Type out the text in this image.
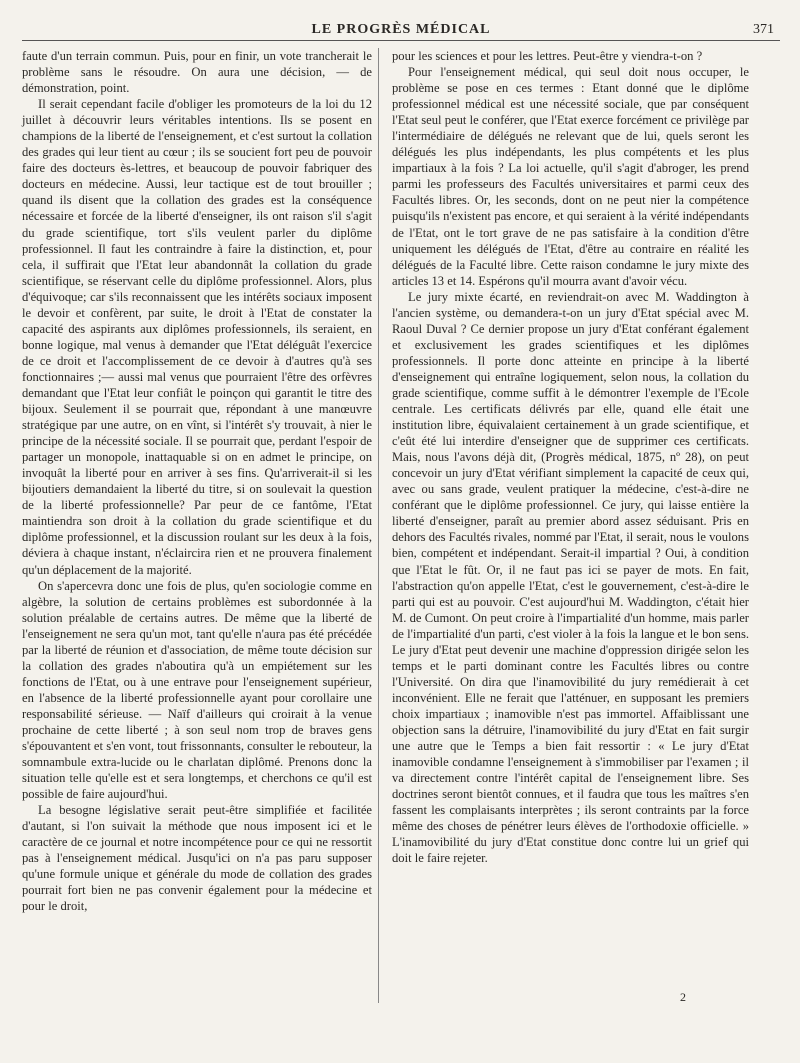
LE PROGRÈS MÉDICAL	371

faute d'un terrain commun. Puis, pour en finir, un vote trancherait le problème sans le résoudre. On aura une décision, — de démonstration, point.

Il serait cependant facile d'obliger les promoteurs de la loi du 12 juillet à découvrir leurs véritables intentions. Ils se posent en champions de la liberté de l'enseignement, et c'est surtout la collation des grades qui leur tient au cœur ; ils se soucient fort peu de pouvoir faire des docteurs ès-lettres, et beaucoup de pouvoir fabriquer des docteurs en médecine. Aussi, leur tactique est de tout brouiller ; quand ils disent que la collation des grades est la conséquence nécessaire et forcée de la liberté d'enseigner, ils ont raison s'il s'agit du grade scientifique, tort s'ils veulent parler du diplôme professionnel. Il faut les contraindre à faire la distinction, et, pour cela, il suffirait que l'Etat leur abandonnât la collation du grade scientifique, se réservant celle du diplôme professionnel. Alors, plus d'équivoque; car s'ils reconnaissent que les intérêts sociaux imposent le devoir et confèrent, par suite, le droit à l'Etat de constater la capacité des aspirants aux diplômes professionnels, ils seraient, en bonne logique, mal venus à demander que l'Etat déléguât l'exercice de ce droit et l'accomplissement de ce devoir à d'autres qu'à ses fonctionnaires ;— aussi mal venus que pourraient l'être des orfèvres demandant que l'Etat leur confiât le poinçon qui garantit le titre des bijoux. Seulement il se pourrait que, répondant à une manœuvre stratégique par une autre, on en vînt, si l'intérêt s'y trouvait, à nier le principe de la nécessité sociale. Il se pourrait que, perdant l'espoir de partager un monopole, inattaquable si on en admet le principe, on invoquât la liberté pour en arriver à ses fins. Qu'arriverait-il si les bijoutiers demandaient la liberté du titre, si on soulevait la question de la liberté professionnelle? Par peur de ce fantôme, l'Etat maintiendra son droit à la collation du grade scientifique et du diplôme professionnel, et la discussion roulant sur les deux à la fois, déviera à chaque instant, n'éclaircira rien et ne prouvera finalement qu'un déplacement de la majorité.

On s'apercevra donc une fois de plus, qu'en sociologie comme en algèbre, la solution de certains problèmes est subordonnée à la solution préalable de certains autres. De même que la liberté de l'enseignement ne sera qu'un mot, tant qu'elle n'aura pas été précédée par la liberté de réunion et d'association, de même toute décision sur la collation des grades n'aboutira qu'à un empiétement sur les fonctions de l'Etat, ou à une entrave pour l'enseignement supérieur, en l'absence de la liberté professionnelle ayant pour corollaire une responsabilité sérieuse. — Naïf d'ailleurs qui croirait à la venue prochaine de cette liberté ; à son seul nom trop de braves gens s'épouvantent et s'en vont, tout frissonnants, consulter le rebouteur, la somnambule extra-lucide ou le charlatan diplômé. Prenons donc la situation telle qu'elle est et sera longtemps, et cherchons ce qu'il est possible de faire aujourd'hui.

La besogne législative serait peut-être simplifiée et facilitée d'autant, si l'on suivait la méthode que nous imposent ici et le caractère de ce journal et notre incompétence pour ce qui ne ressortit pas à l'enseignement médical. Jusqu'ici on n'a pas paru supposer qu'une formule unique et générale du mode de collation des grades pourrait fort bien ne pas convenir également pour la médecine et pour le droit,

pour les sciences et pour les lettres. Peut-être y viendra-t-on ?

Pour l'enseignement médical, qui seul doit nous occuper, le problème se pose en ces termes : Etant donné que le diplôme professionnel médical est une nécessité sociale, que par conséquent l'Etat seul peut le conférer, que l'Etat exerce forcément ce privilège par l'intermédiaire de délégués ne relevant que de lui, quels seront les délégués les plus indépendants, les plus compétents et les plus impartiaux à la fois ? La loi actuelle, qu'il s'agit d'abroger, les prend parmi les professeurs des Facultés universitaires et parmi ceux des Facultés libres. Or, les seconds, dont on ne peut nier la compétence puisqu'ils n'existent pas encore, et qui seraient à la vérité indépendants de l'Etat, ont le tort grave de ne pas satisfaire à la condition d'être uniquement les délégués de l'Etat, d'être au contraire en réalité les délégués de la Faculté libre. Cette raison condamne le jury mixte des articles 13 et 14. Espérons qu'il mourra avant d'avoir vécu.

Le jury mixte écarté, en reviendrait-on avec M. Waddington à l'ancien système, ou demandera-t-on un jury d'Etat spécial avec M. Raoul Duval ? Ce dernier propose un jury d'Etat conférant également et exclusivement les grades scientifiques et les diplômes professionnels. Il porte donc atteinte en principe à la liberté d'enseignement qui entraîne logiquement, selon nous, la collation du grade scientifique, comme suffit à le démontrer l'exemple de l'Ecole centrale. Les certificats délivrés par elle, quand elle était une institution libre, équivalaient certainement à un grade scientifique, et c'eût été lui interdire d'enseigner que de supprimer ces certificats. Mais, nous l'avons déjà dit, (Progrès médical, 1875, nº 28), on peut concevoir un jury d'Etat vérifiant simplement la capacité de ceux qui, avec ou sans grade, veulent pratiquer la médecine, c'est-à-dire ne conférant que le diplôme professionnel. Ce jury, qui laisse entière la liberté d'enseigner, paraît au premier abord assez séduisant. Pris en dehors des Facultés rivales, nommé par l'Etat, il serait, nous le voulons bien, compétent et indépendant. Serait-il impartial ? Oui, à condition que l'Etat le fût. Or, il ne faut pas ici se payer de mots. En fait, l'abstraction qu'on appelle l'Etat, c'est le gouvernement, c'est-à-dire le parti qui est au pouvoir. C'est aujourd'hui M. Waddington, c'était hier M. de Cumont. On peut croire à l'impartialité d'un homme, mais parler de l'impartialité d'un parti, c'est violer à la fois la langue et le bon sens. Le jury d'Etat peut devenir une machine d'oppression dirigée selon les temps et le parti dominant contre les Facultés libres ou contre l'Université. On dira que l'inamovibilité du jury remédierait à cet inconvénient. Elle ne ferait que l'atténuer, en supposant les premiers choix impartiaux ; inamovible n'est pas immortel. Affaiblissant une objection sans la détruire, l'inamovibilité du jury d'Etat en fait surgir une autre que le Temps a bien fait ressortir : « Le jury d'Etat inamovible condamne l'enseignement à s'immobiliser par l'examen ; il va directement contre l'intérêt capital de l'enseignement libre. Ses doctrines seront bientôt connues, et il faudra que tous les maîtres s'en fassent les complaisants interprètes ; ils seront contraints par la force même des choses de pénétrer leurs élèves de l'orthodoxie officielle. » L'inamovibilité du jury d'Etat constitue donc contre lui un grief qui doit le faire rejeter.

2
